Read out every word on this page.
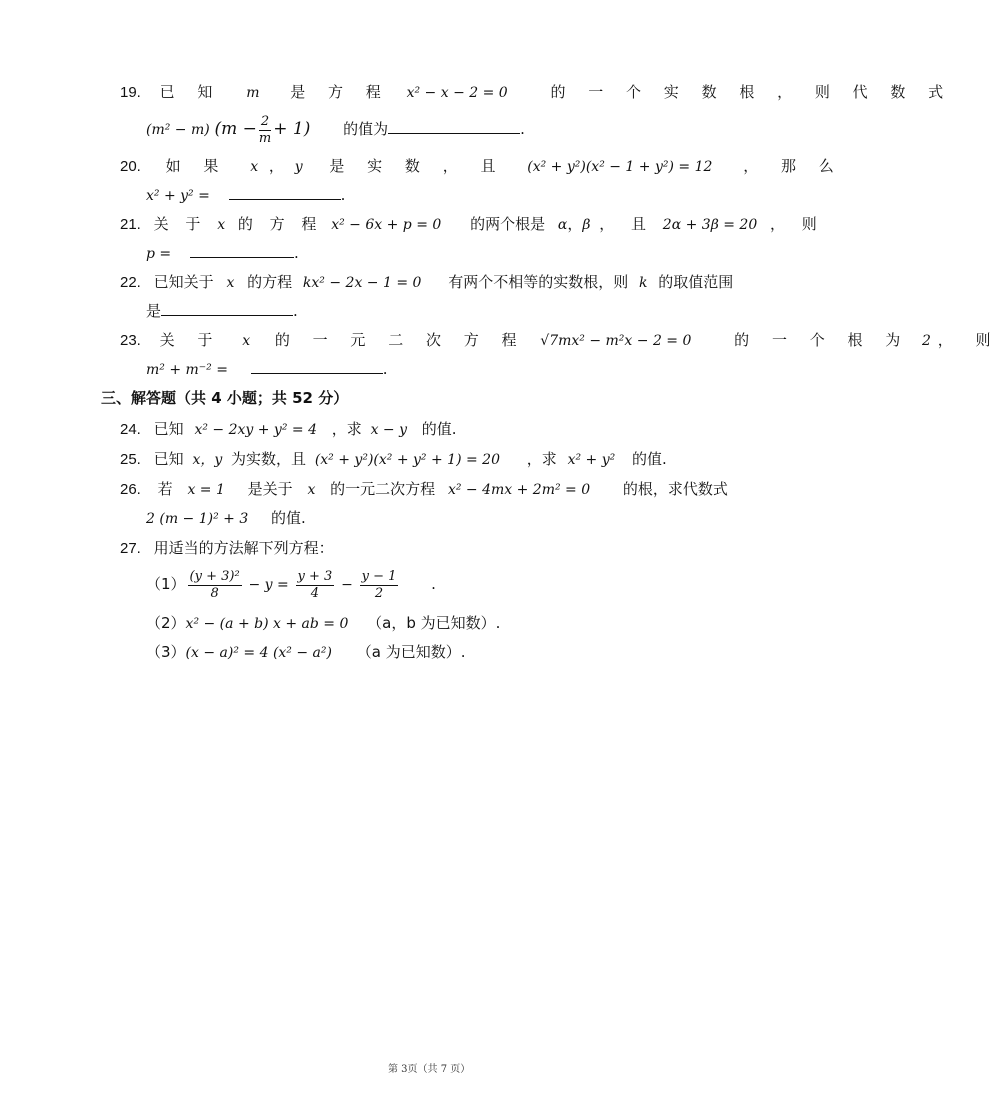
19. 已 知 m 是 方 程 x² − x − 2 = 0	的 一 个 实 数 根 ， 则 代 数 式
(m² − m) $(m - \frac{2}{m} + 1)$ 的值为	.
20. 如 果 x ， y 是 实 数 ， 且 (x² + y²)(x² − 1 + y²) = 12 ， 那 么
x² + y² =	.
21. 关 于 x 的 方 程 x² − 6x + p = 0 的两个根是 α，β ， 且 2α + 3β = 20 ， 则
p =	.
22. 已知关于 x 的方程 kx² − 2x − 1 = 0 有两个不相等的实数根，则 k 的取值范围
是	.
23. 关 于 x 的 一 元 二 次 方 程 √7mx² − m²x − 2 = 0	的 一 个 根 为 2 ， 则
m² + m⁻² =	.
三、解答题（共 4 小题；共 52 分）
24. 已知 x² − 2xy + y² = 4 ，求 x − y 的值.
25. 已知 x，y 为实数，且 (x² + y²)(x² + y² + 1) = 20 ，求 x² + y² 的值.
26. 若 x = 1 是关于 x 的一元二次方程 x² − 4mx + 2m² = 0 的根，求代数式
2 (m − 1)² + 3 的值.
27. 用适当的方法解下列方程：
$(1) \frac{\text{(y + 3)²}}{8} - y = \frac{y + 3}{4} - \frac{y - 1}{2}$ .
（2）x² − (a + b) x + ab = 0 （a，b 为已知数）.
（3）(x − a)² = 4 (x² − a²) （a 为已知数）.
第 3页（共 7 页）
